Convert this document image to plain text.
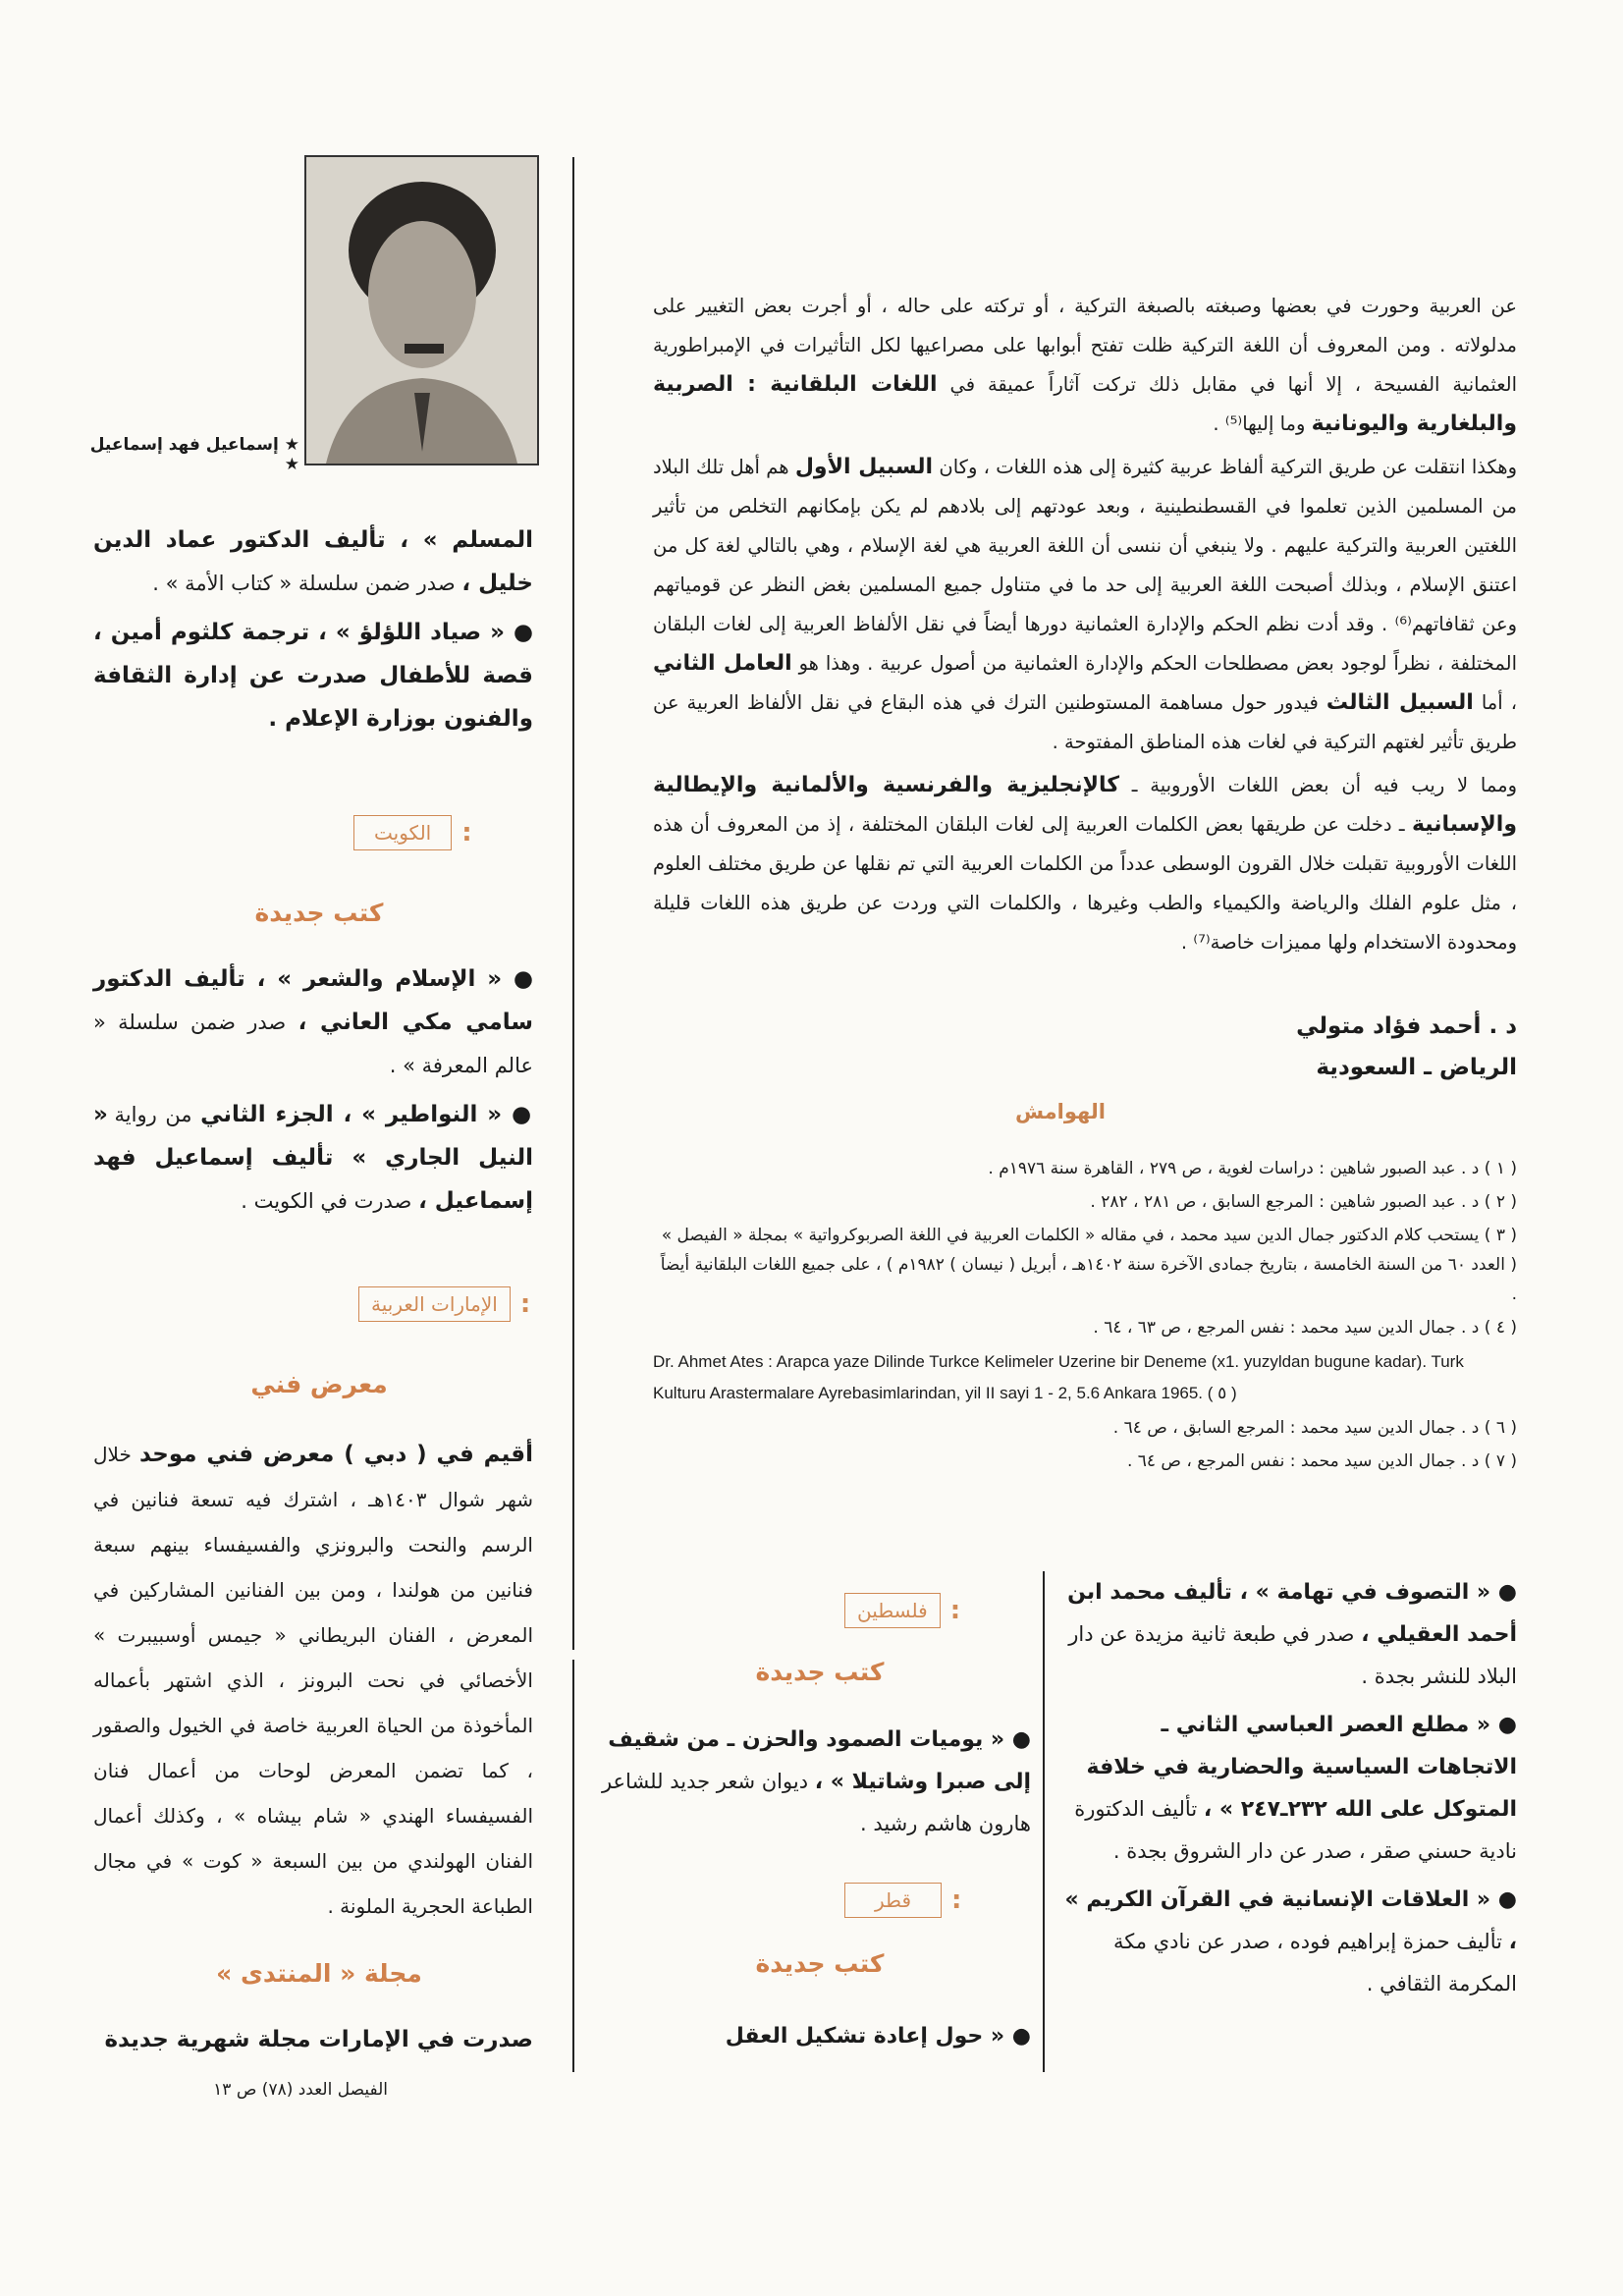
عن العربية وحورت في بعضها وصبغته بالصبغة التركية ، أو تركته على حاله ، أو أجرت بعض التغيير على مدلولاته . ومن المعروف أن اللغة التركية ظلت تفتح أبوابها على مصراعيها لكل التأثيرات في الإمبراطورية العثمانية الفسيحة ، إلا أنها في مقابل ذلك تركت آثاراً عميقة في اللغات البلقانية : الصربية والبلغارية واليونانية وما إليها⁽⁵⁾ .

وهكذا انتقلت عن طريق التركية ألفاظ عربية كثيرة إلى هذه اللغات ، وكان السبيل الأول هم أهل تلك البلاد من المسلمين الذين تعلموا في القسطنطينية ، وبعد عودتهم إلى بلادهم لم يكن بإمكانهم التخلص من تأثير اللغتين العربية والتركية عليهم . ولا ينبغي أن ننسى أن اللغة العربية هي لغة الإسلام ، وهي بالتالي لغة كل من اعتنق الإسلام ، وبذلك أصبحت اللغة العربية إلى حد ما في متناول جميع المسلمين بغض النظر عن قومياتهم وعن ثقافاتهم⁽⁶⁾ . وقد أدت نظم الحكم والإدارة العثمانية دورها أيضاً في نقل الألفاظ العربية إلى لغات البلقان المختلفة ، نظراً لوجود بعض مصطلحات الحكم والإدارة العثمانية من أصول عربية . وهذا هو العامل الثاني ، أما السبيل الثالث فيدور حول مساهمة المستوطنين الترك في هذه البقاع في نقل الألفاظ العربية عن طريق تأثير لغتهم التركية في لغات هذه المناطق المفتوحة .

ومما لا ريب فيه أن بعض اللغات الأوروبية ـ كالإنجليزية والفرنسية والألمانية والإيطالية والإسبانية ـ دخلت عن طريقها بعض الكلمات العربية إلى لغات البلقان المختلفة ، إذ من المعروف أن هذه اللغات الأوروبية تقبلت خلال القرون الوسطى عدداً من الكلمات العربية التي تم نقلها عن طريق مختلف العلوم ، مثل علوم الفلك والرياضة والكيمياء والطب وغيرها ، والكلمات التي وردت عن طريق هذه اللغات قليلة ومحدودة الاستخدام ولها مميزات خاصة⁽⁷⁾ .

د . أحمد فؤاد متولي
الرياض ـ السعودية
الهوامش

( ١ ) د . عبد الصبور شاهين : دراسات لغوية ، ص ٢٧٩ ، القاهرة سنة ١٩٧٦م .

( ٢ ) د . عبد الصبور شاهين : المرجع السابق ، ص ٢٨١ ، ٢٨٢ .

( ٣ ) يستحب كلام الدكتور جمال الدين سيد محمد ، في مقاله « الكلمات العربية في اللغة الصربوكرواتية » بمجلة « الفيصل » ( العدد ٦٠ من السنة الخامسة ، بتاريخ جمادى الآخرة سنة ١٤٠٢هـ ، أبريل ( نيسان ) ١٩٨٢م ) ، على جميع اللغات البلقانية أيضاً .

( ٤ ) د . جمال الدين سيد محمد : نفس المرجع ، ص ٦٣ ، ٦٤ .

Dr. Ahmet Ates : Arapca yaze Dilinde Turkce Kelimeler Uzerine bir Deneme (x1. yuzyldan bugune kadar). Turk Kulturu Arastermalare Ayrebasimlarindan, yil II sayi 1 - 2, 5.6 Ankara 1965. ( ٥ )

( ٦ ) د . جمال الدين سيد محمد : المرجع السابق ، ص ٦٤ .

( ٧ ) د . جمال الدين سيد محمد : نفس المرجع ، ص ٦٤ .

● « التصوف في تهامة » ، تأليف محمد ابن أحمد العقيلي ، صدر في طبعة ثانية مزيدة عن دار البلاد للنشر بجدة .

● « مطلع العصر العباسي الثاني ـ الاتجاهات السياسية والحضارية في خلافة المتوكل على الله ٢٣٢ـ٢٤٧ » ، تأليف الدكتورة نادية حسني صقر ، صدر عن دار الشروق بجدة .

● « العلاقات الإنسانية في القرآن الكريم » ، تأليف حمزة إبراهيم فوده ، صدر عن نادي مكة المكرمة الثقافي .

:
فلسطين
كتب جديدة

● « يوميات الصمود والحزن ـ من شقيف إلى صبرا وشاتيلا » ، ديوان شعر جديد للشاعر هارون هاشم رشيد .

:
قطر
كتب جديدة

● « حول إعادة تشكيل العقل

★ إسماعيل فهد إسماعيل ★

المسلم » ، تأليف الدكتور عماد الدين خليل ، صدر ضمن سلسلة « كتاب الأمة » .

● « صياد اللؤلؤ » ، ترجمة كلثوم أمين ، قصة للأطفال صدرت عن إدارة الثقافة والفنون بوزارة الإعلام .

:
الكويت
كتب جديدة

● « الإسلام والشعر » ، تأليف الدكتور سامي مكي العاني ، صدر ضمن سلسلة « عالم المعرفة » .

● « النواطير » ، الجزء الثاني من رواية « النيل الجاري » تأليف إسماعيل فهد إسماعيل ، صدرت في الكويت .

:
الإمارات العربية
معرض فني

أقيم في ( دبي ) معرض فني موحد خلال شهر شوال ١٤٠٣هـ ، اشترك فيه تسعة فنانين في الرسم والنحت والبرونزي والفسيفساء بينهم سبعة فنانين من هولندا ، ومن بين الفنانين المشاركين في المعرض ، الفنان البريطاني « جيمس أوسبيبرت » الأخصائي في نحت البرونز ، الذي اشتهر بأعماله المأخوذة من الحياة العربية خاصة في الخيول والصقور ، كما تضمن المعرض لوحات من أعمال فنان الفسيفساء الهندي « شام بيشاه » ، وكذلك أعمال الفنان الهولندي من بين السبعة « كوت » في مجال الطباعة الحجرية الملونة .

مجلة « المنتدى »

صدرت في الإمارات مجلة شهرية جديدة

الفيصل العدد (٧٨) ص ١٣
